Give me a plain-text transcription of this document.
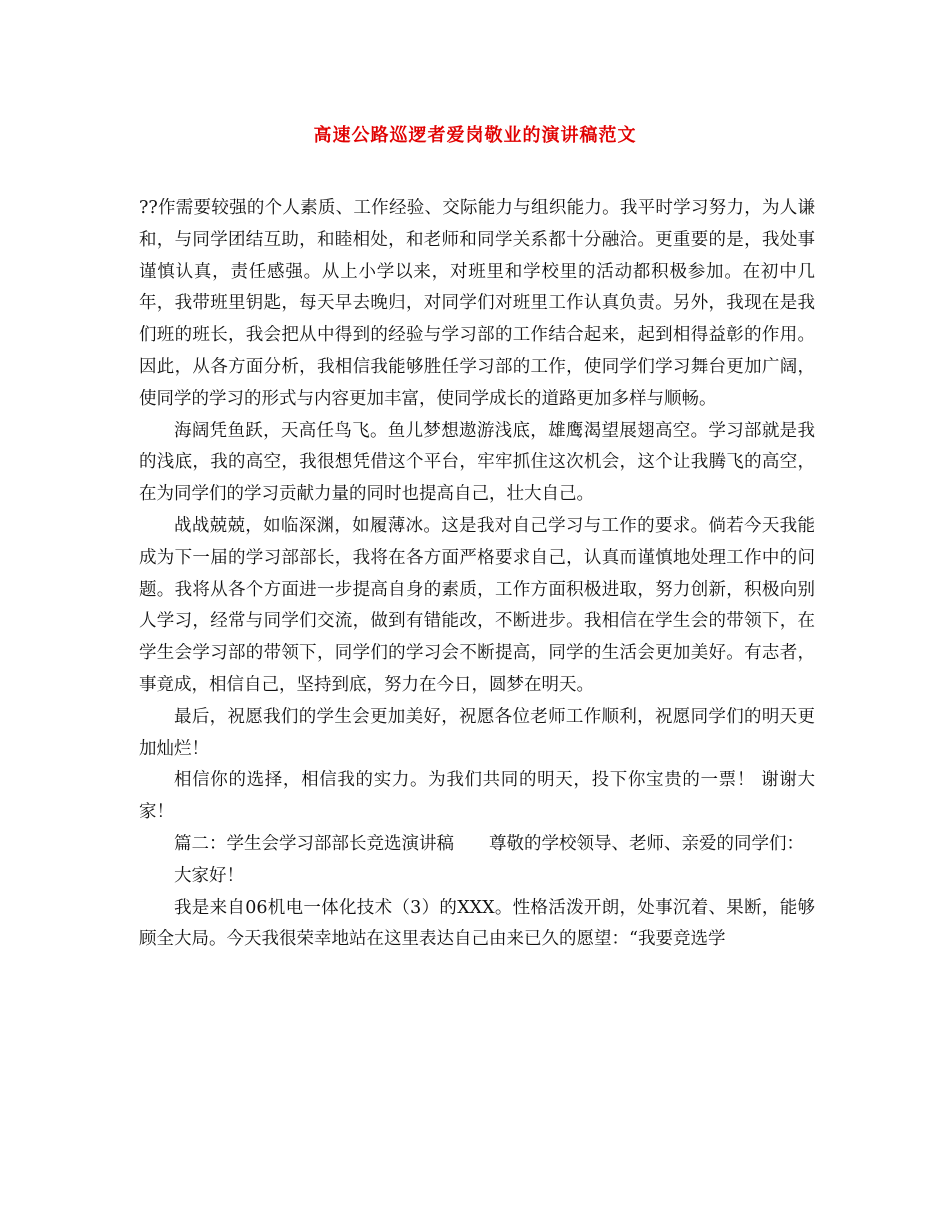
高速公路巡逻者爱岗敬业的演讲稿范文

??作需要较强的个人素质、工作经验、交际能力与组织能力。我平时学习努力，为人谦和，与同学团结互助，和睦相处，和老师和同学关系都十分融洽。更重要的是，我处事谨慎认真，责任感强。从上小学以来，对班里和学校里的活动都积极参加。在初中几年，我带班里钥匙，每天早去晚归，对同学们对班里工作认真负责。另外，我现在是我们班的班长，我会把从中得到的经验与学习部的工作结合起来，起到相得益彰的作用。因此，从各方面分析，我相信我能够胜任学习部的工作，使同学们学习舞台更加广阔， 使同学的学习的形式与内容更加丰富，使同学成长的道路更加多样与顺畅。

海阔凭鱼跃，天高任鸟飞。鱼儿梦想遨游浅底，雄鹰渴望展翅高空。学习部就是我的浅底，我的高空，我很想凭借这个平台，牢牢抓住这次机会，这个让我腾飞的高空，在为同学们的学习贡献力量的同时也提高自己，壮大自己。

战战兢兢，如临深渊，如履薄冰。这是我对自己学习与工作的要求。倘若今天我能成为下一届的学习部部长，我将在各方面严格要求自己，认真而谨慎地处理工作中的问题。我将从各个方面进一步提高自身的素质，工作方面积极进取，努力创新，积极向别人学习，经常与同学们交流，做到有错能改，不断进步。我相信在学生会的带领下，在学生会学习部的带领下，同学们的学习会不断提高，同学的生活会更加美好。有志者，事竟成，相信自己，坚持到底，努力在今日，圆梦在明天。

最后，祝愿我们的学生会更加美好，祝愿各位老师工作顺利，祝愿同学们的明天更加灿烂！

相信你的选择，相信我的实力。为我们共同的明天，投下你宝贵的一票！ 谢谢大家！

篇二：学生会学习部部长竞选演讲稿　　尊敬的学校领导、老师、亲爱的同学们：

大家好！

我是来自06机电一体化技术（3）的XXX。性格活泼开朗，处事沉着、果断，能够顾全大局。今天我很荣幸地站在这里表达自己由来已久的愿望：“我要竞选学
